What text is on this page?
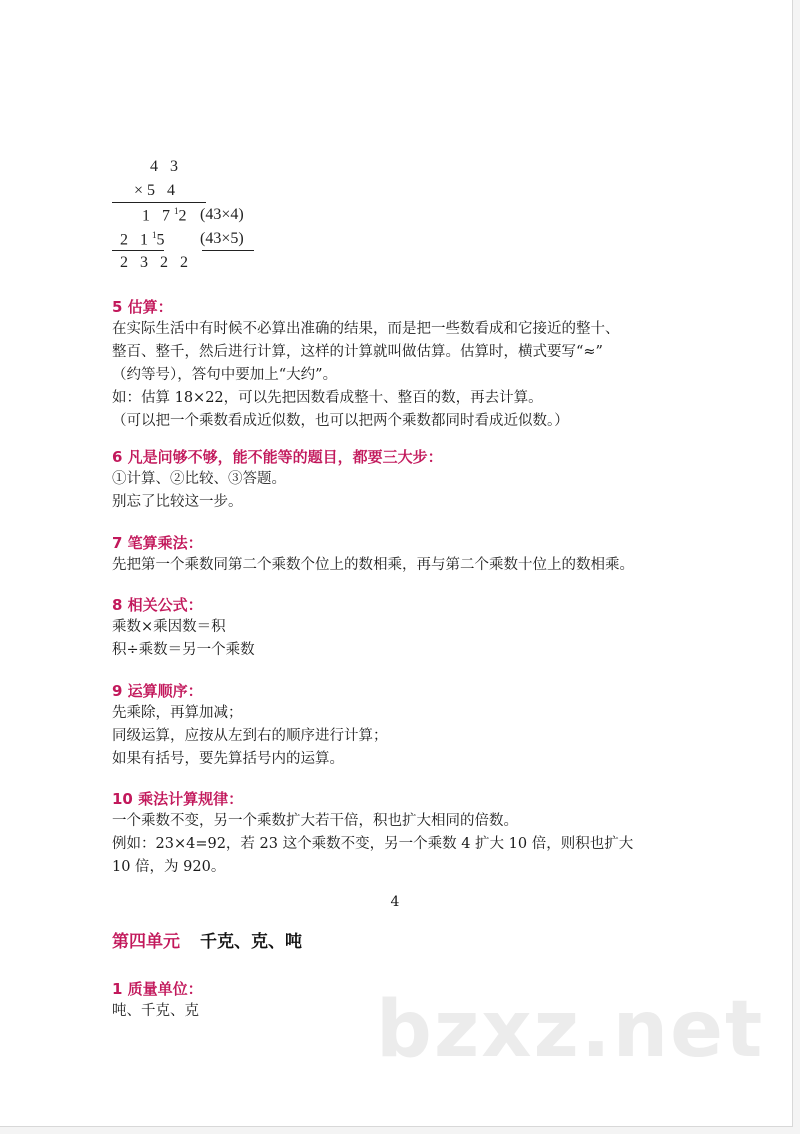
4 3
×5 4
1 $7^12$ (43×4)
2 $1^15$ (43×5)
2 3 2 2
5 估算：
在实际生活中有时候不必算出准确的结果，而是把一些数看成和它接近的整十、
整百、整千，然后进行计算，这样的计算就叫做估算。估算时，横式要写“≈”
（约等号），答句中要加上“大约”。
如：估算 18×22，可以先把因数看成整十、整百的数，再去计算。
（可以把一个乘数看成近似数，也可以把两个乘数都同时看成近似数。）
6 凡是问够不够，能不能等的题目，都要三大步：
①计算、②比较、③答题。
别忘了比较这一步。
7 笔算乘法：
先把第一个乘数同第二个乘数个位上的数相乘，再与第二个乘数十位上的数相乘。
8 相关公式：
乘数×乘因数＝积
积÷乘数＝另一个乘数
9 运算顺序：
先乘除，再算加减；
同级运算，应按从左到右的顺序进行计算；
如果有括号，要先算括号内的运算。
10 乘法计算规律：
一个乘数不变，另一个乘数扩大若干倍，积也扩大相同的倍数。
例如：23×4=92，若 23 这个乘数不变，另一个乘数 4 扩大 10 倍，则积也扩大
10 倍，为 920。
4
第四单元 千克、克、吨
1 质量单位：
吨、千克、克	bzxz.net
